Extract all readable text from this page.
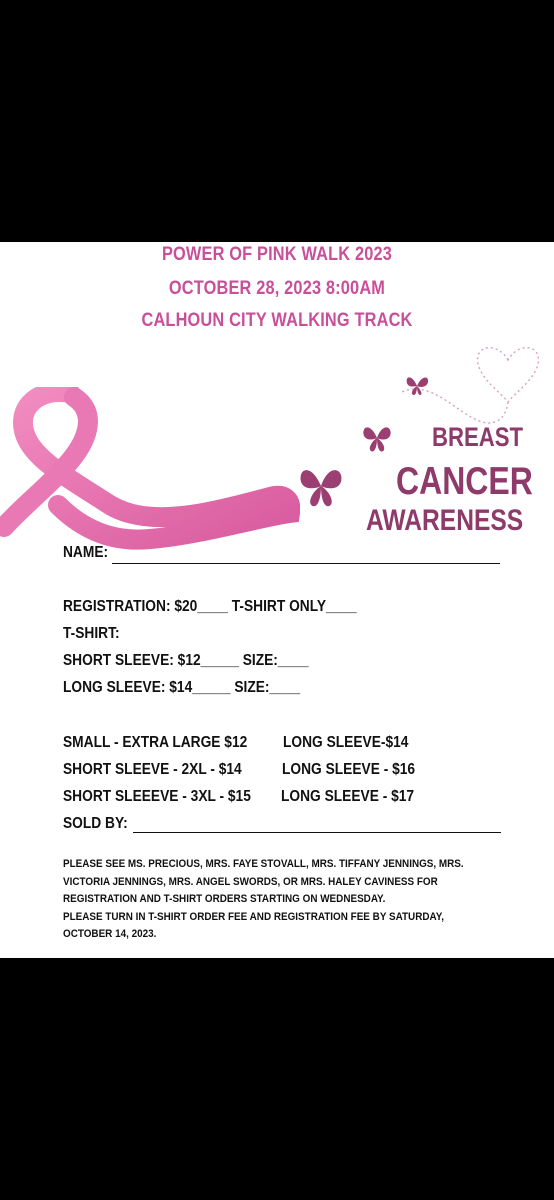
POWER OF PINK WALK 2023
OCTOBER 28, 2023 8:00AM
CALHOUN CITY WALKING TRACK
BREAST
CANCER
AWARENESS
NAME:
REGISTRATION: $20____ T-SHIRT ONLY____
T-SHIRT:
SHORT SLEEVE: $12_____ SIZE:____
LONG SLEEVE: $14_____ SIZE:____
SMALL - EXTRA LARGE $12 LONG SLEEVE-$14
SHORT SLEEVE - 2XL - $14	LONG SLEEVE - $16
SHORT SLEEEVE - 3XL - $15 LONG SLEEVE - $17
SOLD BY:
PLEASE SEE MS. PRECIOUS, MRS. FAYE STOVALL, MRS. TIFFANY JENNINGS, MRS.
VICTORIA JENNINGS, MRS. ANGEL SWORDS, OR MRS. HALEY CAVINESS FOR
REGISTRATION AND T-SHIRT ORDERS STARTING ON WEDNESDAY.
PLEASE TURN IN T-SHIRT ORDER FEE AND REGISTRATION FEE BY SATURDAY,
OCTOBER 14, 2023.
